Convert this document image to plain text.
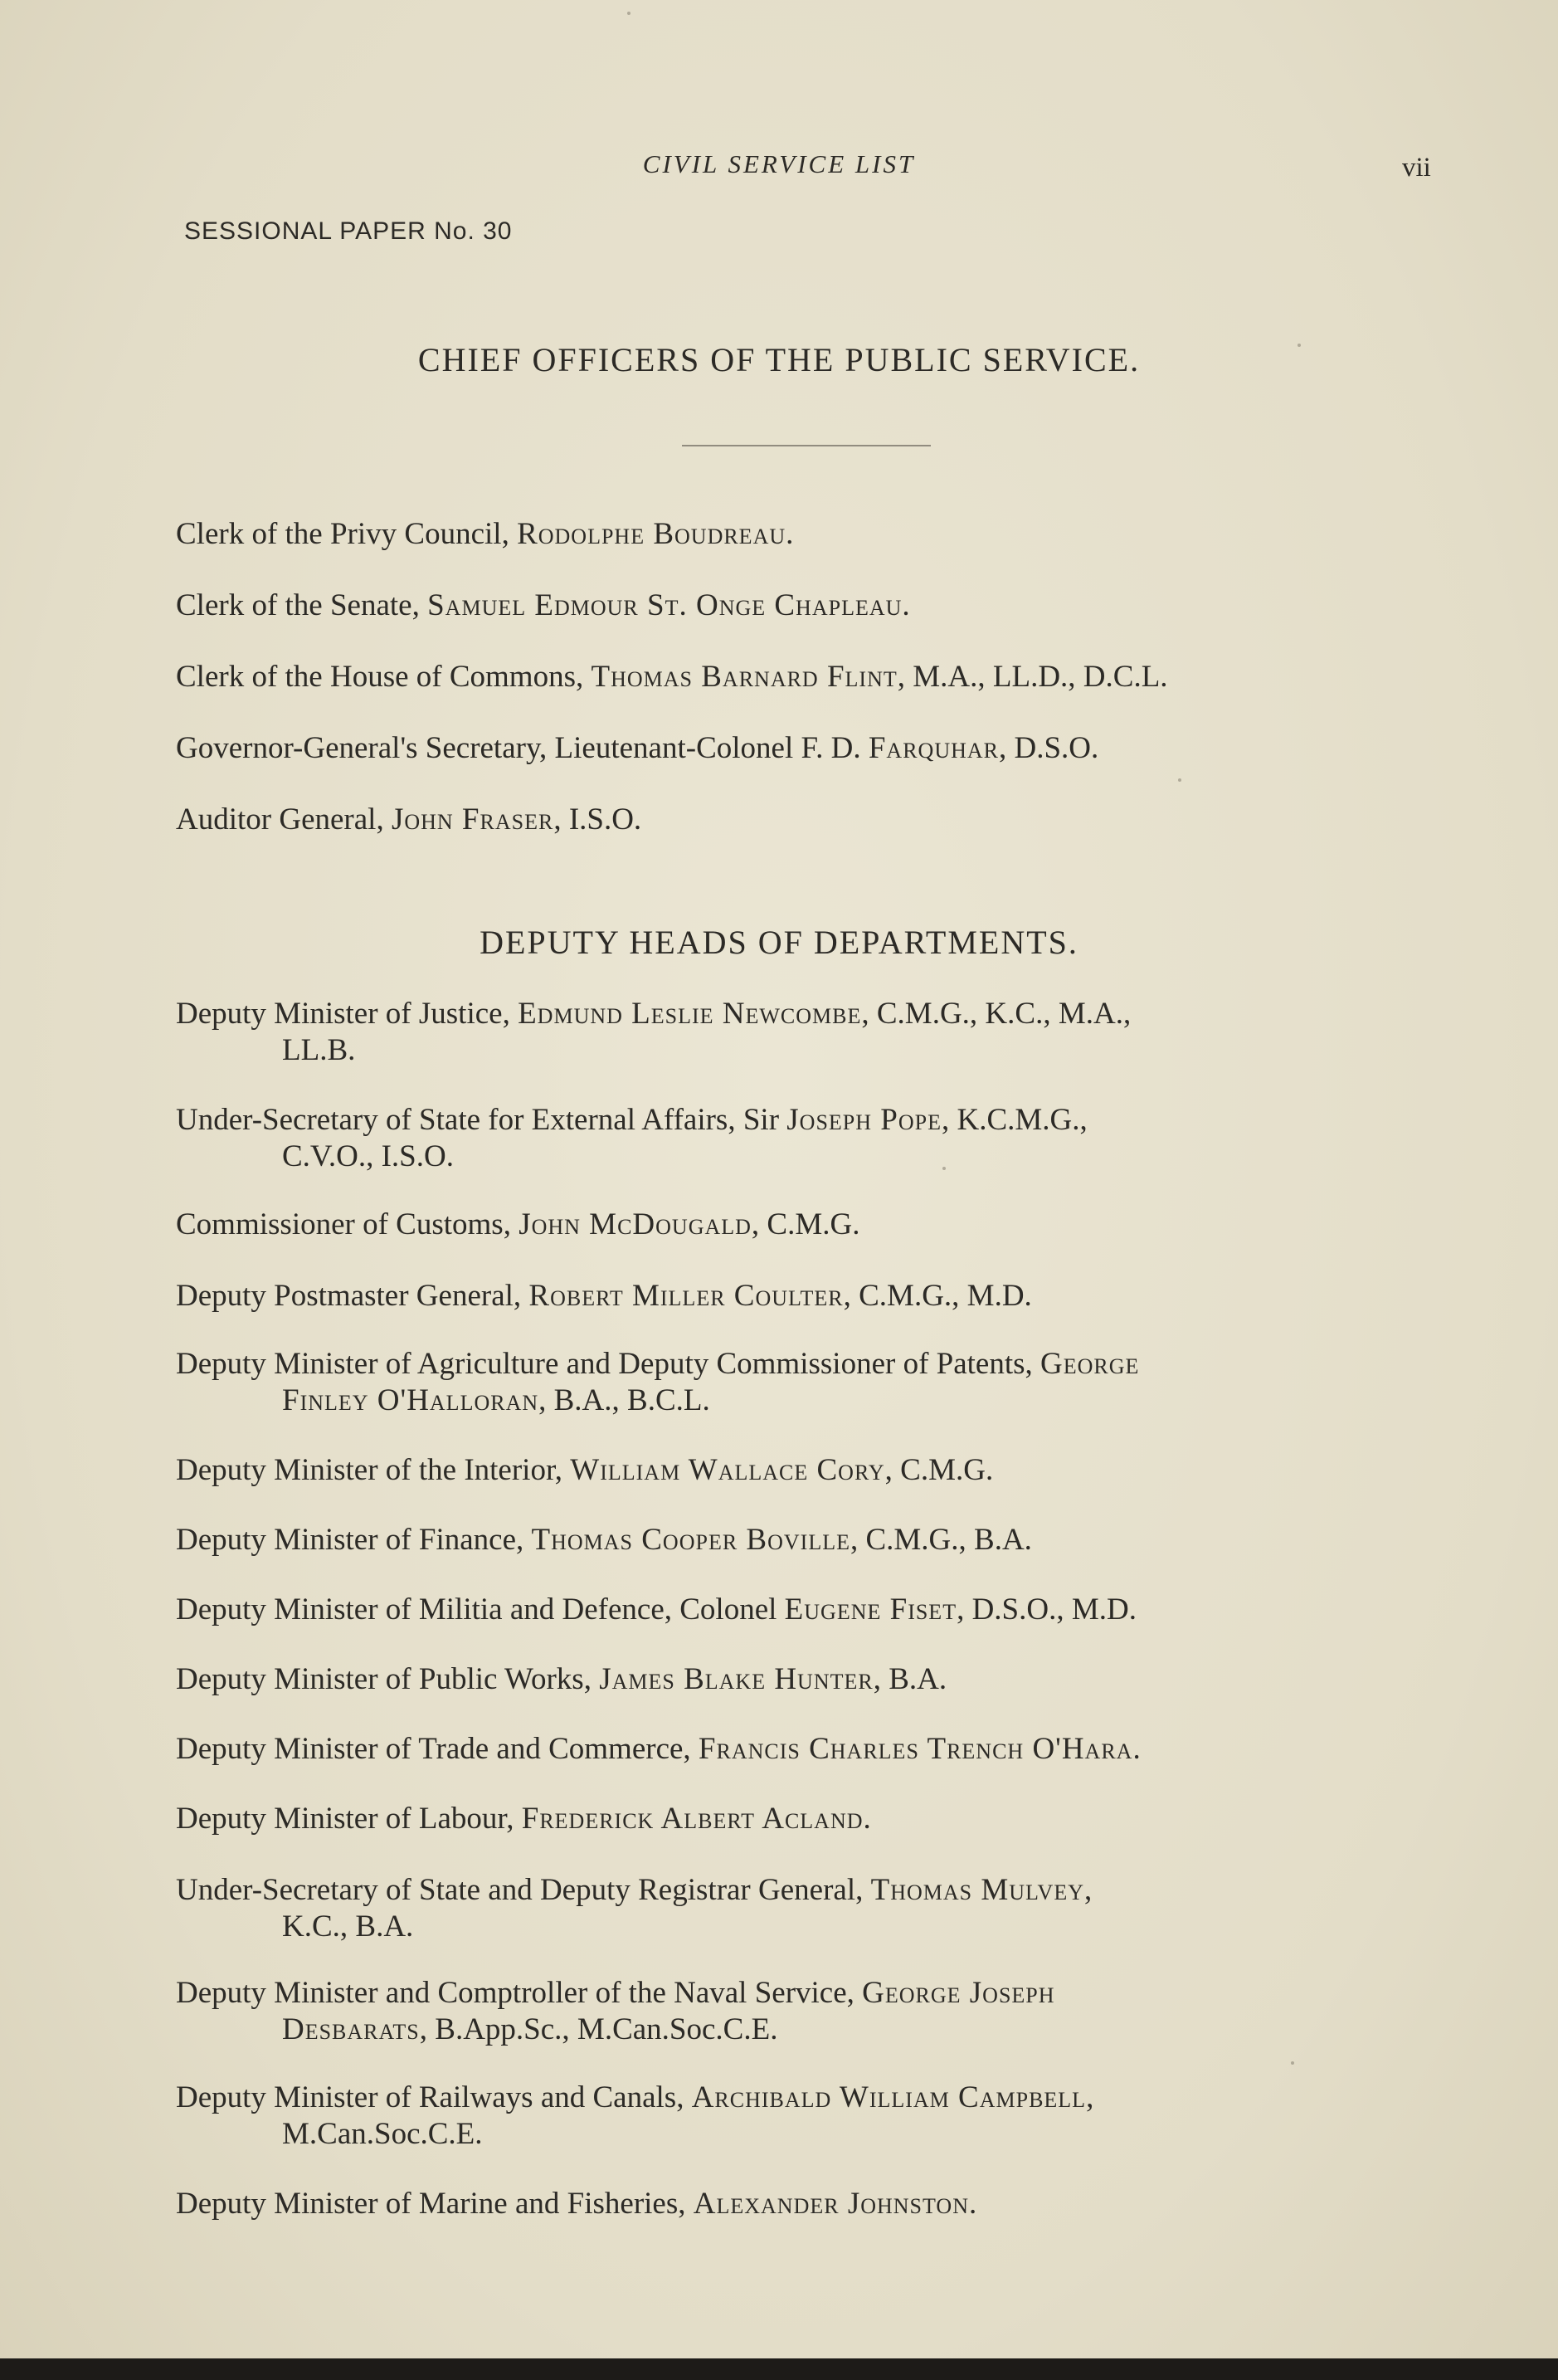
CIVIL SERVICE LIST	vii
SESSIONAL PAPER No. 30
CHIEF OFFICERS OF THE PUBLIC SERVICE.
Clerk of the Privy Council, Rodolphe Boudreau.
Clerk of the Senate, Samuel Edmour St. Onge Chapleau.
Clerk of the House of Commons, Thomas Barnard Flint, M.A., LL.D., D.C.L.
Governor-General's Secretary, Lieutenant-Colonel F. D. Farquhar, D.S.O.
Auditor General, John Fraser, I.S.O.
DEPUTY HEADS OF DEPARTMENTS.
Deputy Minister of Justice, Edmund Leslie Newcombe, C.M.G., K.C., M.A.,
LL.B.
Under-Secretary of State for External Affairs, Sir Joseph Pope, K.C.M.G.,
C.V.O., I.S.O.
Commissioner of Customs, John McDougald, C.M.G.
Deputy Postmaster General, Robert Miller Coulter, C.M.G., M.D.
Deputy Minister of Agriculture and Deputy Commissioner of Patents, George
Finley O'Halloran, B.A., B.C.L.
Deputy Minister of the Interior, William Wallace Cory, C.M.G.
Deputy Minister of Finance, Thomas Cooper Boville, C.M.G., B.A.
Deputy Minister of Militia and Defence, Colonel Eugene Fiset, D.S.O., M.D.
Deputy Minister of Public Works, James Blake Hunter, B.A.
Deputy Minister of Trade and Commerce, Francis Charles Trench O'Hara.
Deputy Minister of Labour, Frederick Albert Acland.
Under-Secretary of State and Deputy Registrar General, Thomas Mulvey,
K.C., B.A.
Deputy Minister and Comptroller of the Naval Service, George Joseph
Desbarats, B.App.Sc., M.Can.Soc.C.E.
Deputy Minister of Railways and Canals, Archibald William Campbell,
M.Can.Soc.C.E.
Deputy Minister of Marine and Fisheries, Alexander Johnston.
